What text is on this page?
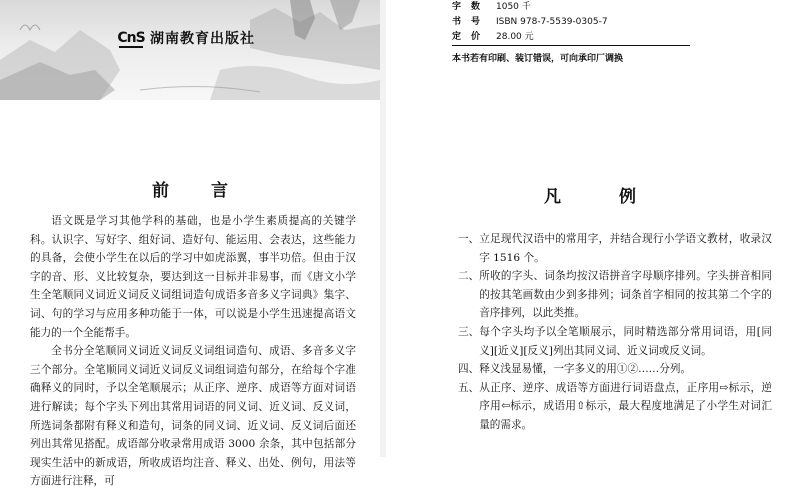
CnS 湖南教育出版社
前 言

语文既是学习其他学科的基础，也是小学生素质提高的关键学科。认识字、写好字、组好词、造好句、能运用、会表达，这些能力的具备，会使小学生在以后的学习中如虎添翼，事半功倍。但由于汉字的音、形、义比较复杂，要达到这一目标并非易事，而《唐文小学生全笔顺同义词近义词反义词组词造句成语多音多义字词典》集字、词、句的学习与应用多种功能于一体，可以说是小学生迅速提高语文能力的一个全能帮手。

全书分全笔顺同义词近义词反义词组词造句、成语、多音多义字三个部分。全笔顺同义词近义词反义词组词造句部分，在给每个字准确释义的同时，予以全笔顺展示；从正序、逆序、成语等方面对词语进行解读；每个字头下列出其常用词语的同义词、近义词、反义词，所选词条都附有释义和造句，词条的同义词、近义词、反义词后面还列出其常见搭配。成语部分收录常用成语 3000 余条，其中包括部分现实生活中的新成语，所收成语均注音、释义、出处、例句，用法等方面进行注释，可

字数 1050 千
书号 ISBN 978-7-5539-0305-7
定价 28.00 元
本书若有印刷、装订错误，可向承印厂调换
凡 例
一、 立足现代汉语中的常用字，并结合现行小学语文教材，收录汉字 1516 个。
二、 所收的字头、词条均按汉语拼音字母顺序排列。字头拼音相同的按其笔画数由少到多排列；词条首字相同的按其第二个字的音序排列，以此类推。
三、 每个字头均予以全笔顺展示，同时精选部分常用词语，用[同义][近义][反义]列出其同义词、近义词或反义词。
四、 释义浅显易懂，一字多义的用①②……分列。
五、 从正序、逆序、成语等方面进行词语盘点，正序用⇨标示，逆序用⇦标示，成语用⇧标示，最大程度地满足了小学生对词汇量的需求。
